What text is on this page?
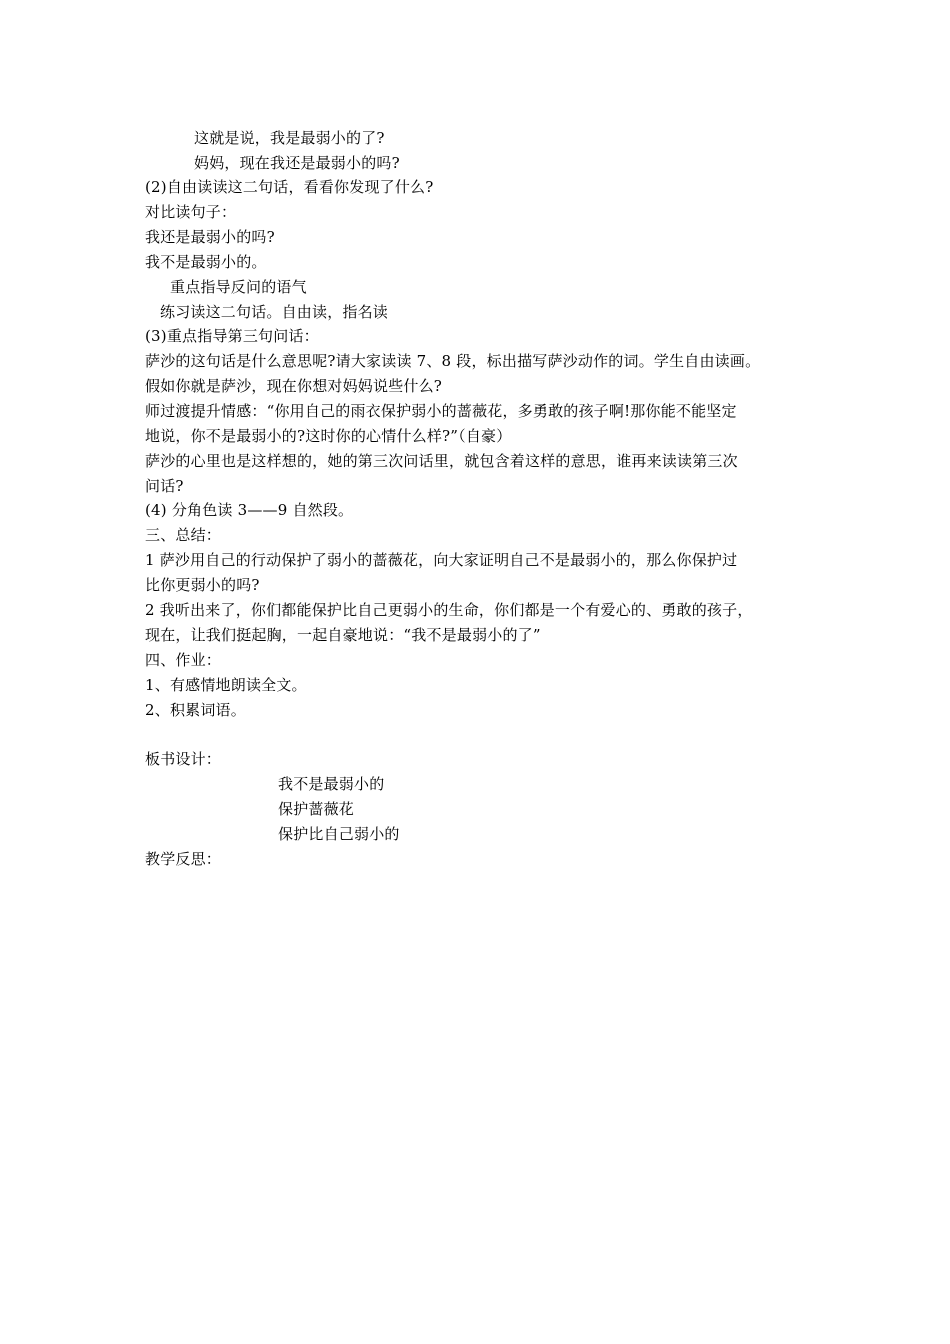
这就是说，我是最弱小的了?
妈妈，现在我还是最弱小的吗?
(2)自由读读这二句话，看看你发现了什么?
对比读句子：
我还是最弱小的吗?
我不是最弱小的。
重点指导反问的语气
练习读这二句话。自由读，指名读
(3)重点指导第三句问话：
萨沙的这句话是什么意思呢?请大家读读 7、8 段，标出描写萨沙动作的词。学生自由读画。
假如你就是萨沙，现在你想对妈妈说些什么?
师过渡提升情感：“你用自己的雨衣保护弱小的蔷薇花，多勇敢的孩子啊!那你能不能坚定
地说，你不是最弱小的?这时你的心情什么样?”（自豪）
萨沙的心里也是这样想的，她的第三次问话里，就包含着这样的意思，谁再来读读第三次
问话?
(4) 分角色读 3——9 自然段。
三、总结：
1 萨沙用自己的行动保护了弱小的蔷薇花，向大家证明自己不是最弱小的，那么你保护过
比你更弱小的吗?
2 我听出来了，你们都能保护比自己更弱小的生命，你们都是一个有爱心的、勇敢的孩子，
现在，让我们挺起胸，一起自豪地说：“我不是最弱小的了”
四、作业：
1、有感情地朗读全文。
2、积累词语。
板书设计：
我不是最弱小的
保护蔷薇花
保护比自己弱小的
教学反思：
